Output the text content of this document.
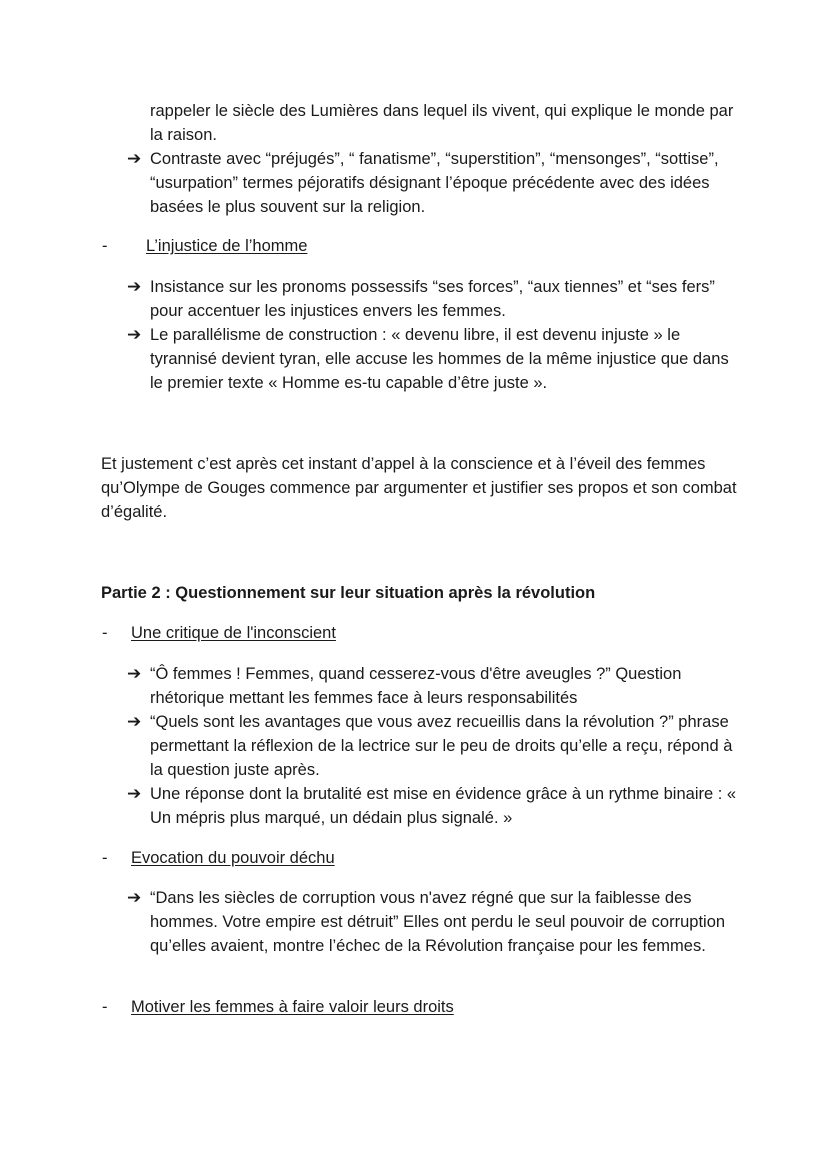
rappeler le siècle des Lumières dans lequel ils vivent, qui explique le monde par la raison.
➔ Contraste avec “préjugés”, “ fanatisme”, “superstition”, “mensonges”, “sottise”, “usurpation” termes péjoratifs désignant l’époque précédente avec des idées basées le plus souvent sur la religion.
- L’injustice de l’homme
➔ Insistance sur les pronoms possessifs “ses forces”, “aux tiennes” et “ses fers” pour accentuer les injustices envers les femmes.
➔ Le parallélisme de construction : « devenu libre, il est devenu injuste » le tyrannisé devient tyran, elle accuse les hommes de la même injustice que dans le premier texte « Homme es-tu capable d’être juste ».
Et justement c’est après cet instant d’appel à la conscience et à l’éveil des femmes qu’Olympe de Gouges commence par argumenter et justifier ses propos et son combat d’égalité.
Partie 2 : Questionnement sur leur situation après la révolution
- Une critique de l'inconscient
➔ “Ô femmes ! Femmes, quand cesserez-vous d'être aveugles ?” Question rhétorique mettant les femmes face à leurs responsabilités
➔ “Quels sont les avantages que vous avez recueillis dans la révolution ?” phrase permettant la réflexion de la lectrice sur le peu de droits qu’elle a reçu, répond à la question juste après.
➔ Une réponse dont la brutalité est mise en évidence grâce à un rythme binaire : « Un mépris plus marqué, un dédain plus signalé. »
- Evocation du pouvoir déchu
➔ “Dans les siècles de corruption vous n'avez régné que sur la faiblesse des hommes. Votre empire est détruit” Elles ont perdu le seul pouvoir de corruption qu’elles avaient, montre l’échec de la Révolution française pour les femmes.
- Motiver les femmes à faire valoir leurs droits
